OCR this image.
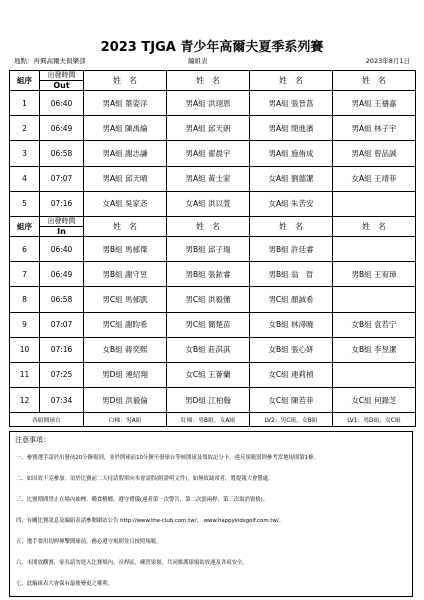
2023 TJGA 青少年高爾夫夏季系列賽
地點：再興高爾夫俱樂部	編組表	2023年8月1日
組序	出發時間
Out	姓　名	姓　名	姓　名	姓　名
1	06:40	男A組 葉姿洋	男A組 洪翊恩	男A組 張晉菖	男A組 王禱嘉
2	06:49	男A組 陳禹綸	男A組 邱天朗	男A組 閔進濱	男A組 林子宇
3	06:58	男A組 謝志謙	男A組 翟晨宇	男A組 施侑成	男A組 曾品誠
4	07:07	男A組 邱天晴	男A組 黃士家	女A組 劉德潔	女A組 王靖菲
5	07:16	女A組 吳家忞	女A組 洪以萱	女A組 朱苦安	
組序	出發時間
In	姓　名	姓　名	姓　名	姓　名
6	06:40	男B組 馬郁傑	男B組 邱子瑞	男B組 許廷睿	
7	06:49	男B組 謝守昱	男B組 張銥睿	男B組 翁　晢	男B組 王宥璋
8	06:58	男C組 馬郁凱	男C組 洪毅懂	男C組 顏誠希	
9	07:07	男C組 謝昀希	男C組 簡楚苗	女B組 林潯曉	女B組 袁若宁
10	07:16	女B組 蔣奕熙	女B組 莊淇淇	女B組 張心妍	女B組 李昱潔
11	07:25	男D組 連紹翔	女C組 王薈蘭	女C組 連莉楨	
12	07:34	男D組 洪毅倫	男D組 江柏翰	女C組 陳若菲	女C組 何錄芝
各組開球台		白梯：男A組	紅梯：男B組、女A組	LV2：男C組、女B組	LV1：男D組、女C組
注意事項：
一、參賽選手請於出發前20分鐘報到，並於開球前10分鐘至發球台等候開球及領取記分卡，違反規範罰則參考當地規則第1條。
二、如因故不克參加，須於比賽前二天持請假單向本會請假(附證明文件)，如無故缺席者，將提報大會懲處。
三、比賽期間禁止在場內抽煙，嚼食檳榔，遵守禮儀(違者第一次警告，第二次罰兩桿，第三次取消資格)。
四、有關比賽訊息及編組表請參閱網站公告 http://www.the-club.com.tw/； www.happykidsgolf.com.tw/。
五、選手要用切桿揮擊開球前，務必遵守規則並且按照規範。
六、未開放觀賽，家長請勿進入比賽場內，長桿區，練習果嶺，共同維護球場姑放運及各項安全。
七、此編組表大會保有最後變更之權利。
